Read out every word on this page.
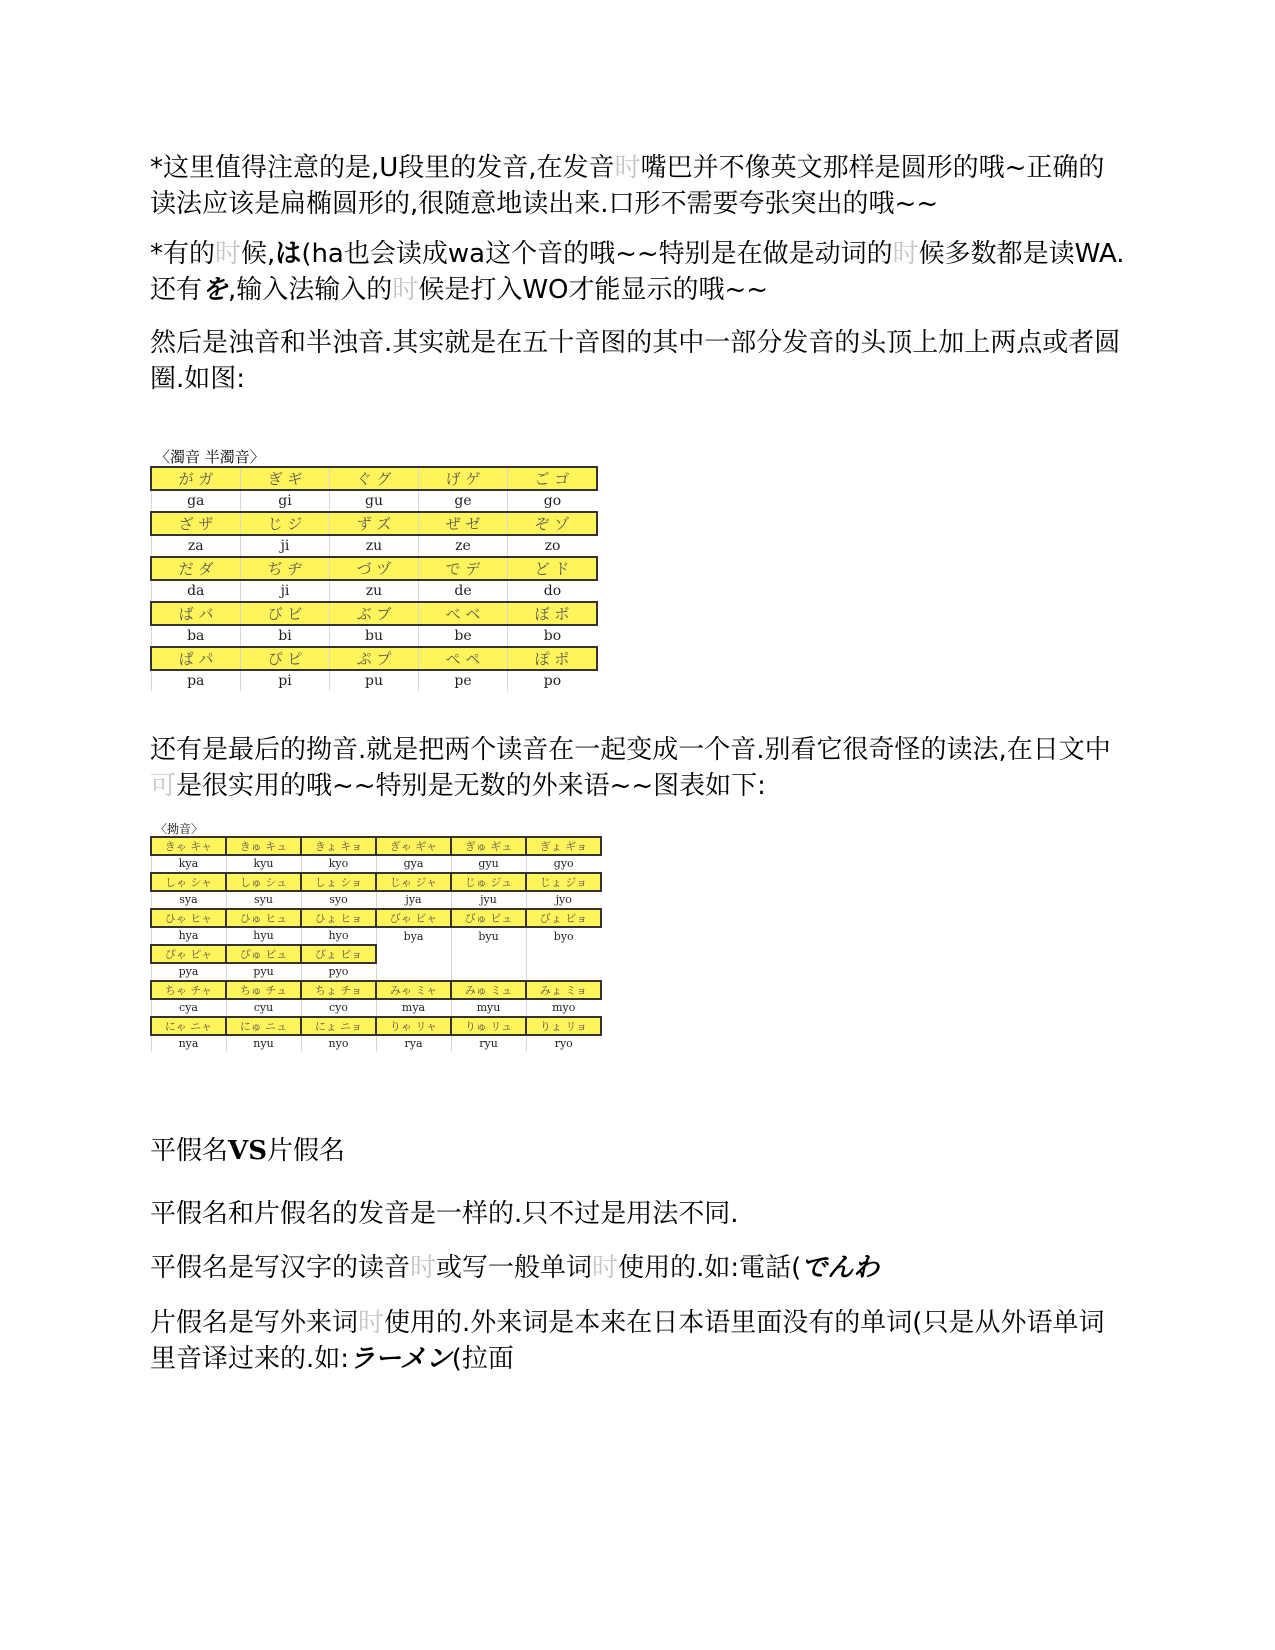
*这里值得注意的是,U段里的发音,在发音时嘴巴并不像英文那样是圆形的哦~正确的读法应该是扁椭圆形的,很随意地读出来.口形不需要夸张突出的哦~~

*有的时候,は(ha也会读成wa这个音的哦~~特别是在做是动词的时候多数都是读WA.还有を,输入法输入的时候是打入WO才能显示的哦~~

然后是浊音和半浊音.其实就是在五十音图的其中一部分发音的头顶上加上两点或者圆圈.如图:

〈濁音 半濁音〉				
が ガ	ぎ ギ	ぐ グ	げ ゲ	ご ゴ
ga	gi	gu	ge	go
ざ ザ	じ ジ	ず ズ	ぜ ゼ	ぞ ゾ
za	ji	zu	ze	zo
だ ダ	ぢ ヂ	づ ヅ	で デ	ど ド
da	ji	zu	de	do
ば バ	び ビ	ぶ ブ	べ ベ	ぼ ボ
ba	bi	bu	be	bo
ぱ パ	ぴ ピ	ぷ プ	ぺ ペ	ぽ ポ
pa	pi	pu	pe	po

还有是最后的拗音.就是把两个读音在一起变成一个音.别看它很奇怪的读法,在日文中可是很实用的哦~~特别是无数的外来语~~图表如下:

〈拗音〉					
きゃ キャ	きゅ キュ	きょ キョ	ぎゃ ギャ	ぎゅ ギュ	ぎょ ギョ
kya	kyu	kyo	gya	gyu	gyo
しゃ シャ	しゅ シュ	しょ ショ	じゃ ジャ	じゅ ジュ	じょ ジョ
sya	syu	syo	jya	jyu	jyo
ひゃ ヒャ	ひゅ ヒュ	ひょ ヒョ	びゃ ビャ	びゅ ビュ	びょ ビョ
hya	hyu	hyo	bya	byu	byo
ぴゃ ピャ	ぴゅ ピュ	ぴょ ピョ			
pya	pyu	pyo			
ちゃ チャ	ちゅ チュ	ちょ チョ	みゃ ミャ	みゅ ミュ	みょ ミョ
cya	cyu	cyo	mya	myu	myo
にゃ ニャ	にゅ ニュ	にょ ニョ	りゃ リャ	りゅ リュ	りょ リョ
nya	nyu	nyo	rya	ryu	ryo

平假名VS片假名

平假名和片假名的发音是一样的.只不过是用法不同.

平假名是写汉字的读音时或写一般单词时使用的.如:電話(でんわ

片假名是写外来词时使用的.外来词是本来在日本语里面没有的单词(只是从外语单词里音译过来的.如:ラーメン(拉面
